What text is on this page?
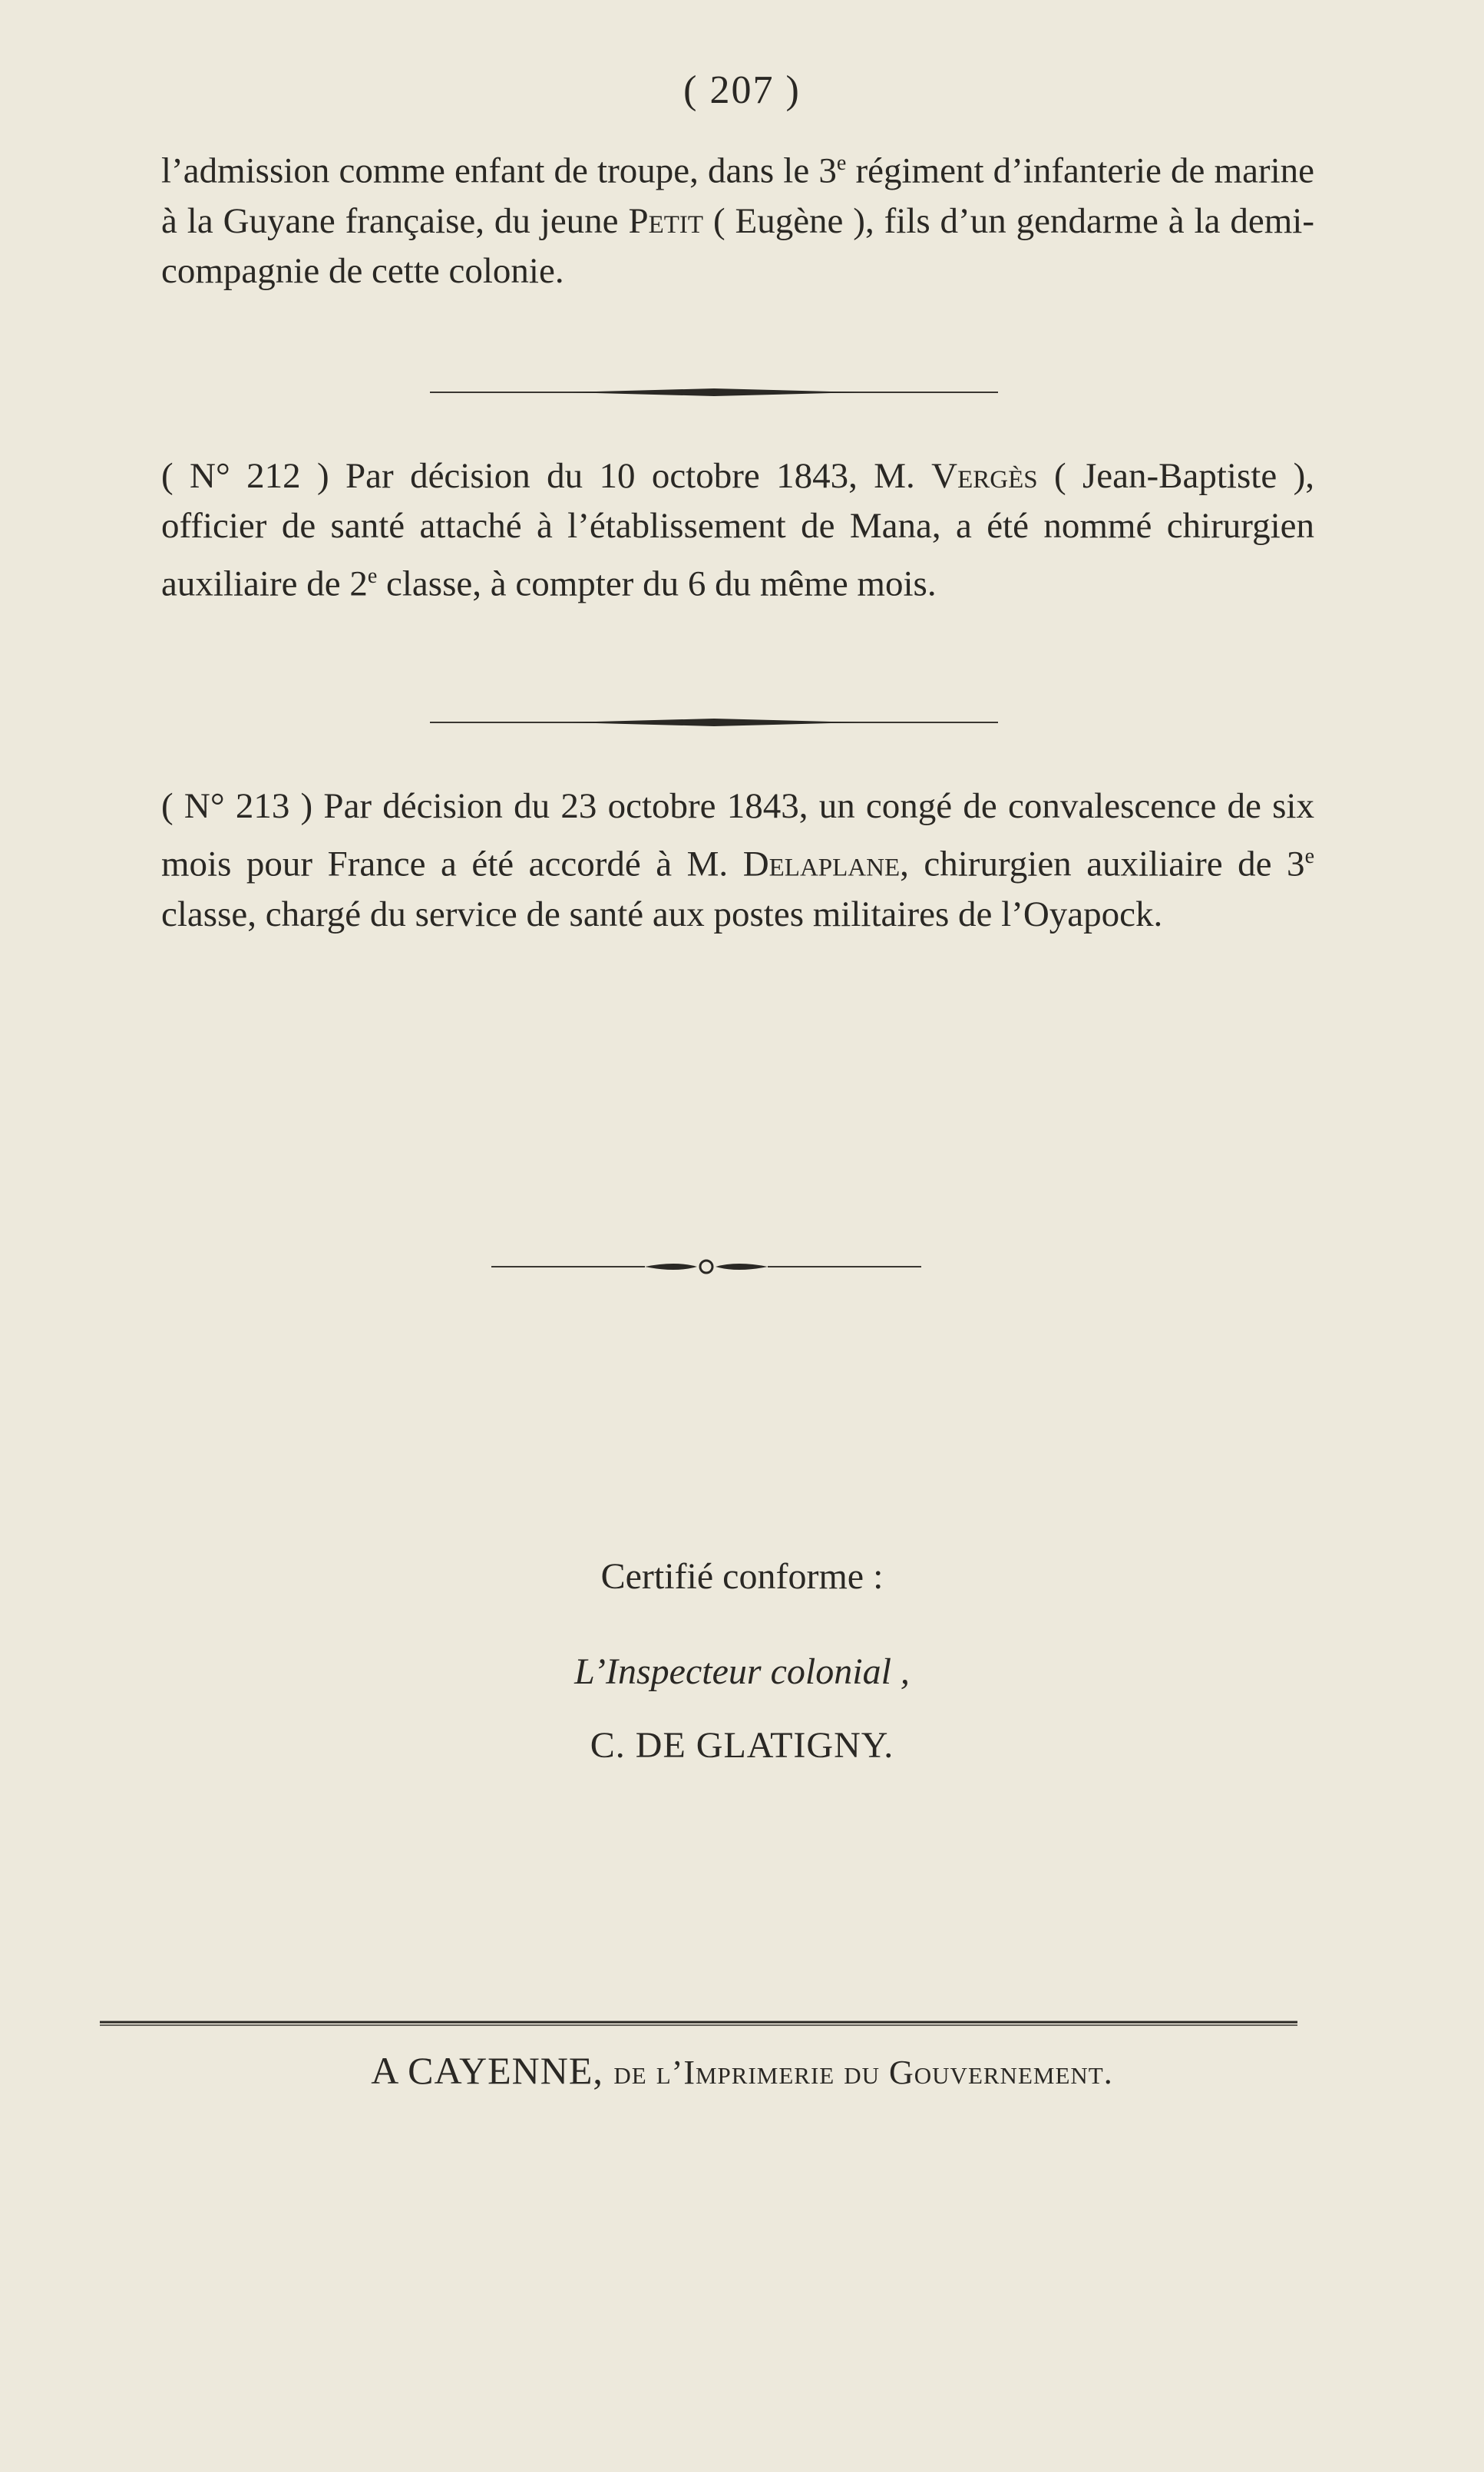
( 207 )
l’admission comme enfant de troupe, dans le 3e régiment d’infanterie de marine à la Guyane française, du jeune Petit ( Eugène ), fils d’un gendarme à la demi-compagnie de cette colonie.
( N° 212 ) Par décision du 10 octobre 1843, M. Vergès ( Jean-Baptiste ), officier de santé attaché à l’établissement de Mana, a été nommé chirurgien auxiliaire de 2e classe, à compter du 6 du même mois.
( N° 213 ) Par décision du 23 octobre 1843, un congé de convalescence de six mois pour France a été accordé à M. Delaplane, chirurgien auxiliaire de 3e classe, chargé du service de santé aux postes militaires de l’Oyapock.
Certifié conforme :
L’Inspecteur colonial ,
C. DE GLATIGNY.
A CAYENNE, de l’Imprimerie du Gouvernement.
